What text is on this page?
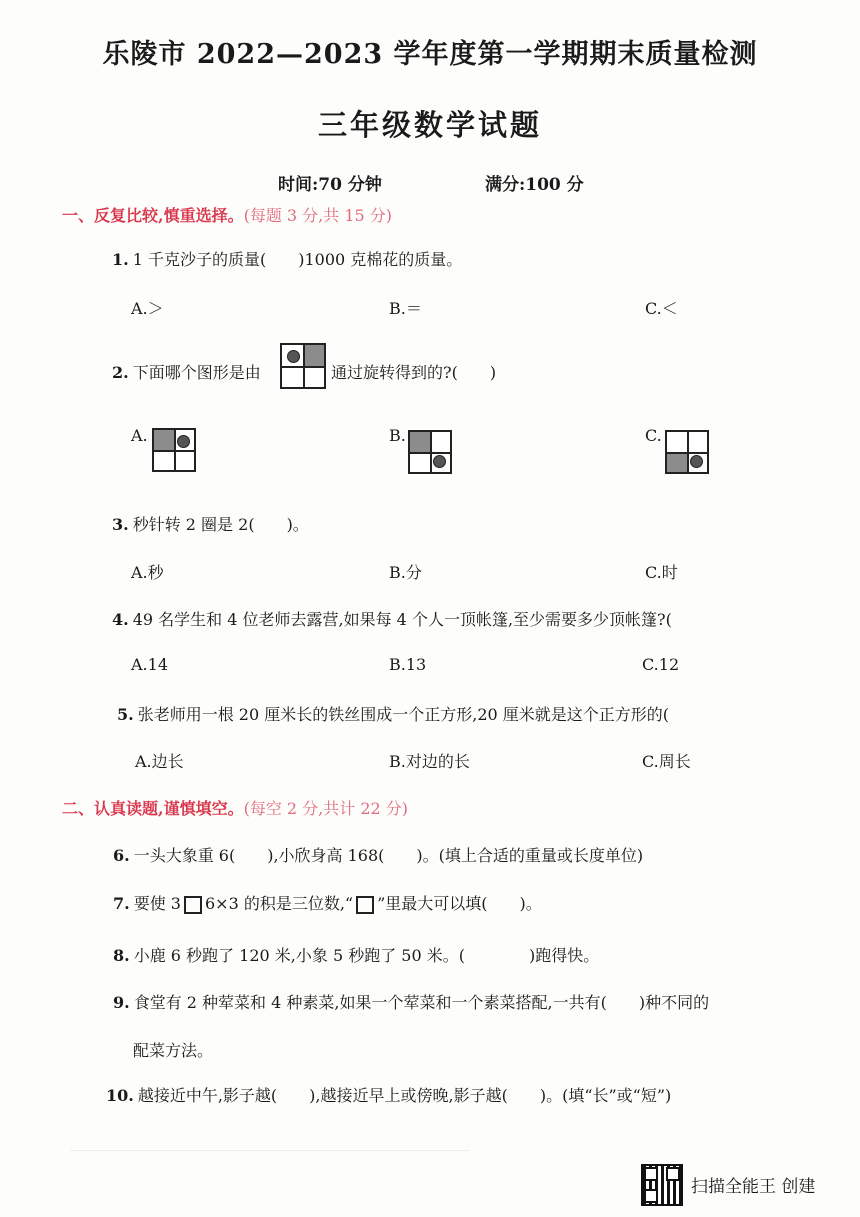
乐陵市 2022—2023 学年度第一学期期末质量检测
三年级数学试题
时间:70 分钟	满分:100 分
一、反复比较,慎重选择。(每题 3 分,共 15 分)
1. 1 千克沙子的质量(　　)1000 克棉花的质量。
A.＞	B.＝	C.＜
2. 下面哪个图形是由	通过旋转得到的?(　　)
A.	B.	C.
3. 秒针转 2 圈是 2(　　)。
A.秒	B.分	C.时
4. 49 名学生和 4 位老师去露营,如果每 4 个人一顶帐篷,至少需要多少顶帐篷?(
A.14	B.13	C.12
5. 张老师用一根 20 厘米长的铁丝围成一个正方形,20 厘米就是这个正方形的(
A.边长	B.对边的长	C.周长
二、认真读题,谨慎填空。(每空 2 分,共计 22 分)
6. 一头大象重 6(　　),小欣身高 168(　　)。(填上合适的重量或长度单位)
7. 要使 3 6×3 的积是三位数,“ ”里最大可以填(　　)。
8. 小鹿 6 秒跑了 120 米,小象 5 秒跑了 50 米。(　　　　)跑得快。
9. 食堂有 2 种荤菜和 4 种素菜,如果一个荤菜和一个素菜搭配,一共有(　　)种不同的
配菜方法。
10. 越接近中午,影子越(　　),越接近早上或傍晚,影子越(　　)。(填“长”或“短”)
扫描全能王 创建
